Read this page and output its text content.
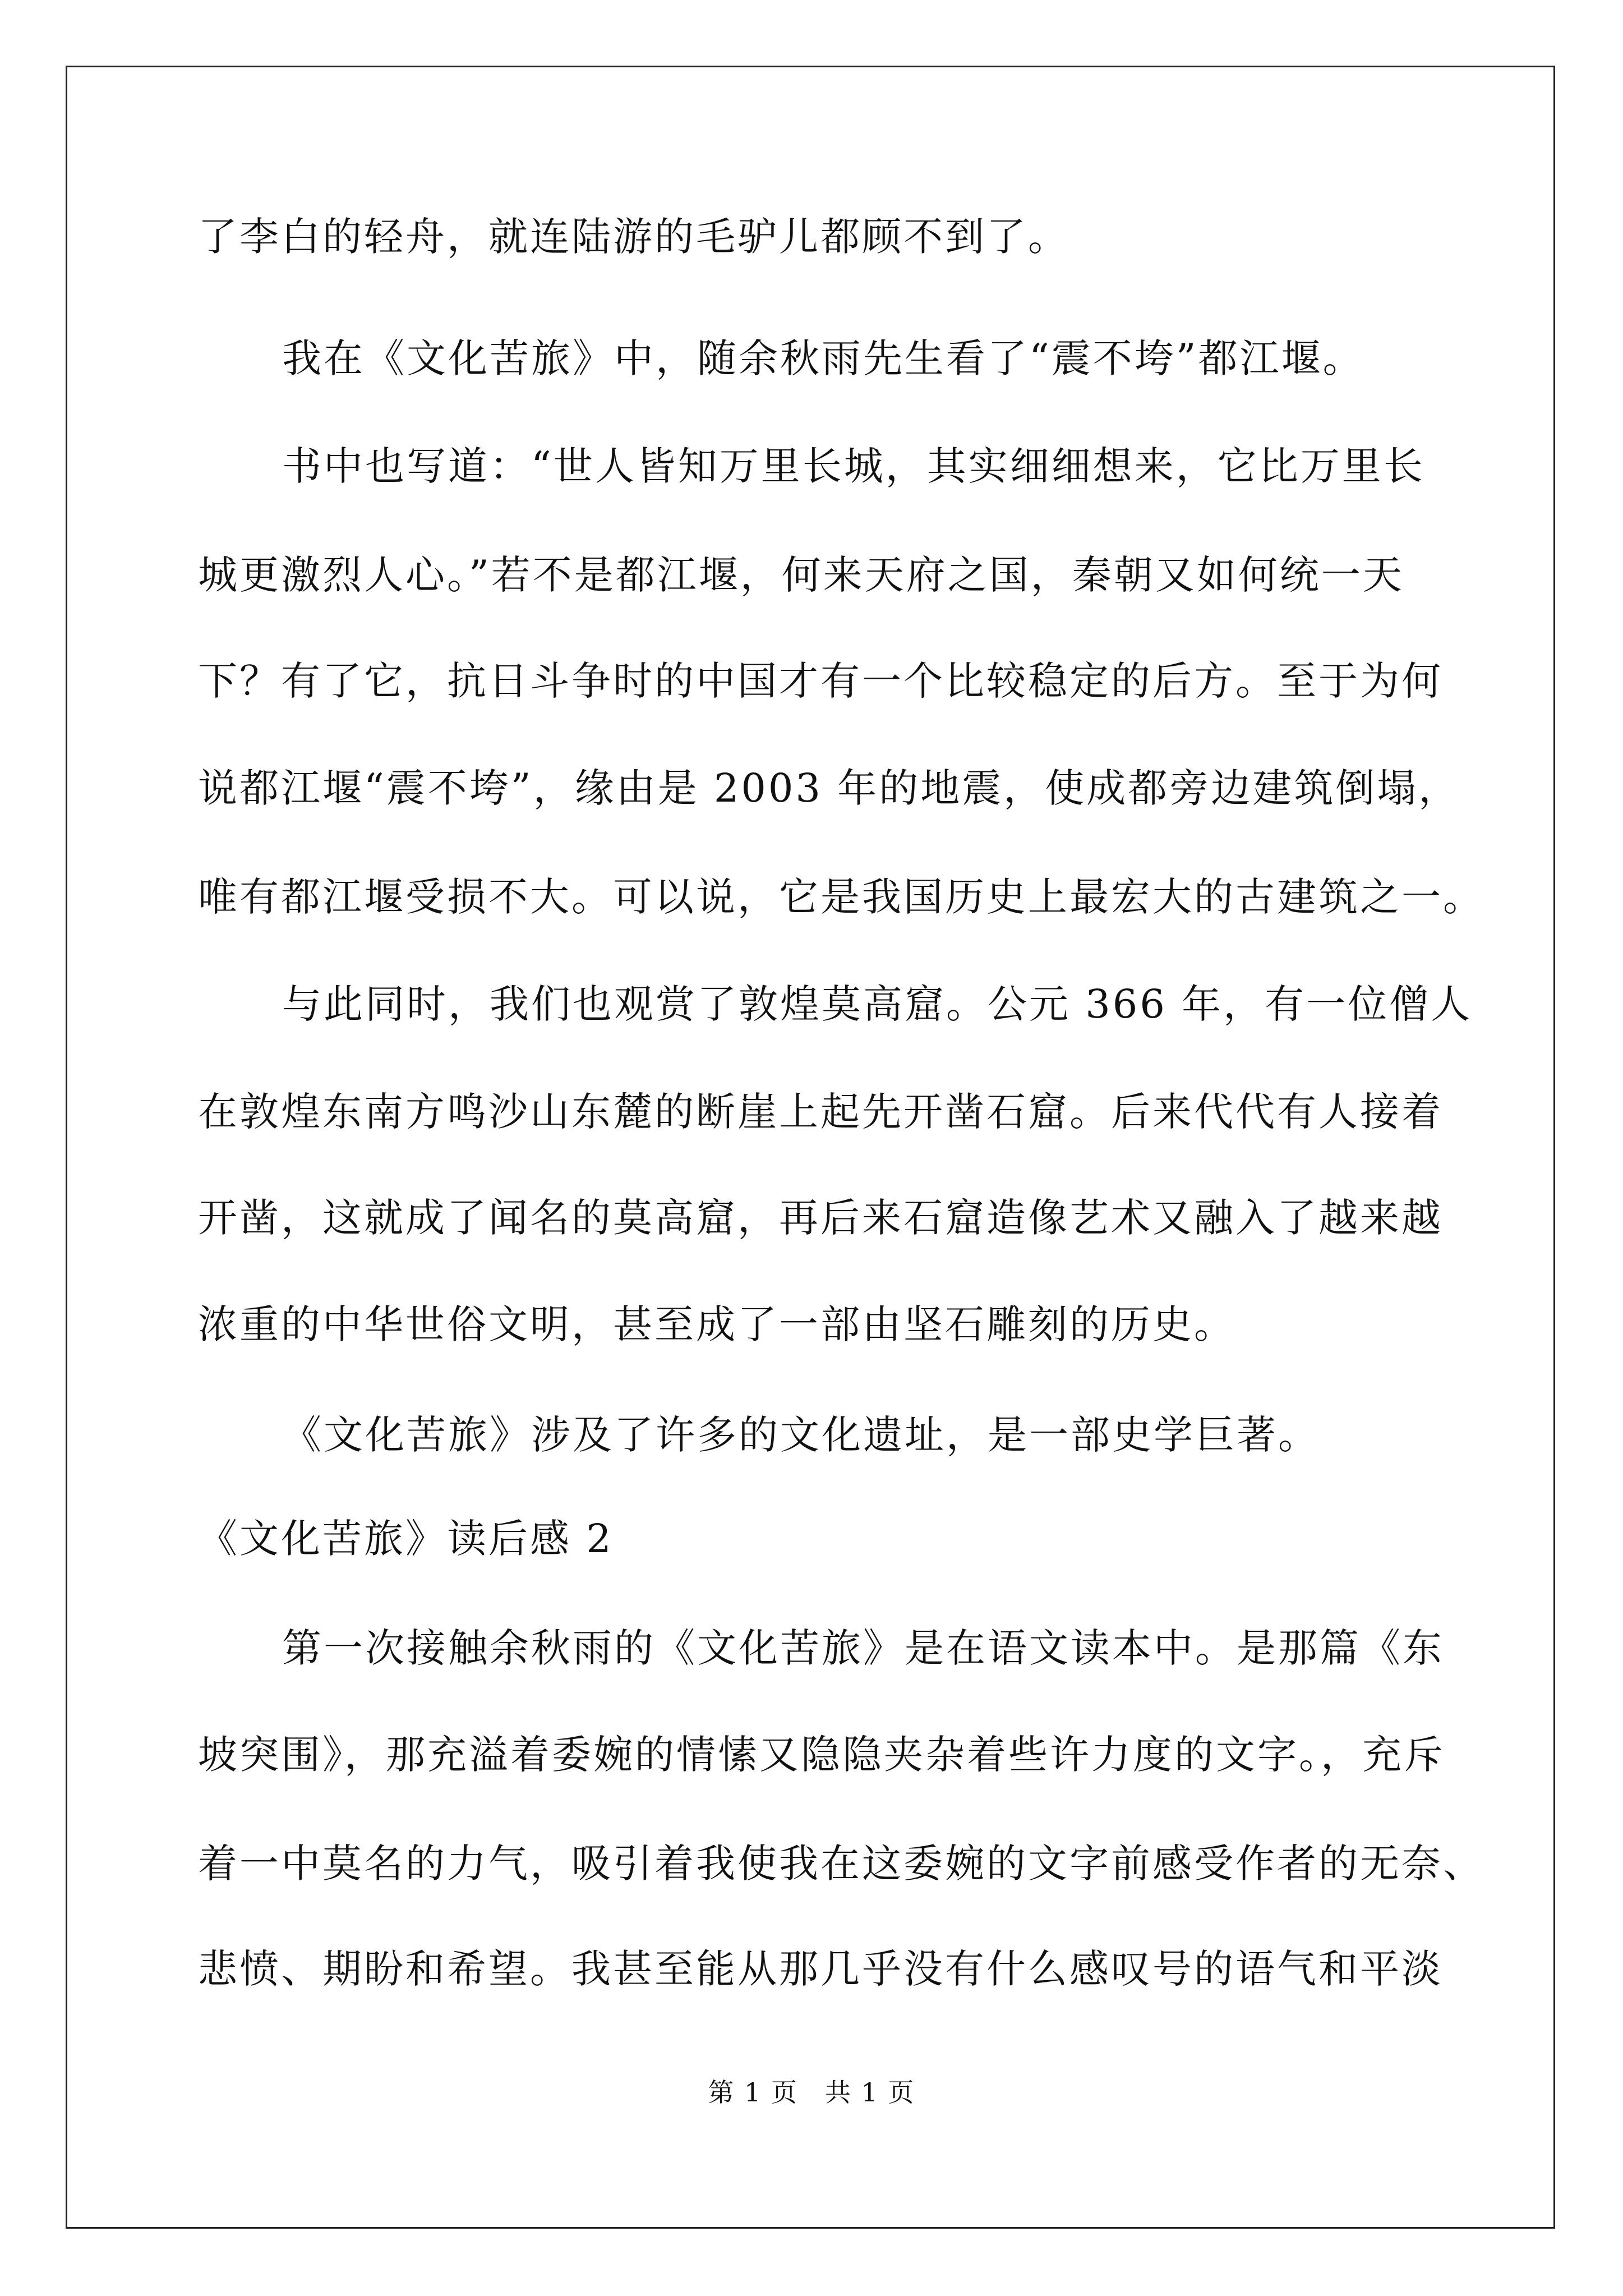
了李白的轻舟，就连陆游的毛驴儿都顾不到了。

我在《文化苦旅》中，随余秋雨先生看了“震不垮”都江堰。

书中也写道：“世人皆知万里长城，其实细细想来，它比万里长

城更激烈人心。”若不是都江堰，何来天府之国，秦朝又如何统一天

下？有了它，抗日斗争时的中国才有一个比较稳定的后方。至于为何

说都江堰“震不垮”，缘由是 2003 年的地震，使成都旁边建筑倒塌，

唯有都江堰受损不大。可以说，它是我国历史上最宏大的古建筑之一。

与此同时，我们也观赏了敦煌莫高窟。公元 366 年，有一位僧人

在敦煌东南方鸣沙山东麓的断崖上起先开凿石窟。后来代代有人接着

开凿，这就成了闻名的莫高窟，再后来石窟造像艺术又融入了越来越

浓重的中华世俗文明，甚至成了一部由坚石雕刻的历史。

《文化苦旅》涉及了许多的文化遗址，是一部史学巨著。

《文化苦旅》读后感 2

第一次接触余秋雨的《文化苦旅》是在语文读本中。是那篇《东

坡突围》，那充溢着委婉的情愫又隐隐夹杂着些许力度的文字。，充斥

着一中莫名的力气，吸引着我使我在这委婉的文字前感受作者的无奈、

悲愤、期盼和希望。我甚至能从那几乎没有什么感叹号的语气和平淡

第 1 页　共 1 页
